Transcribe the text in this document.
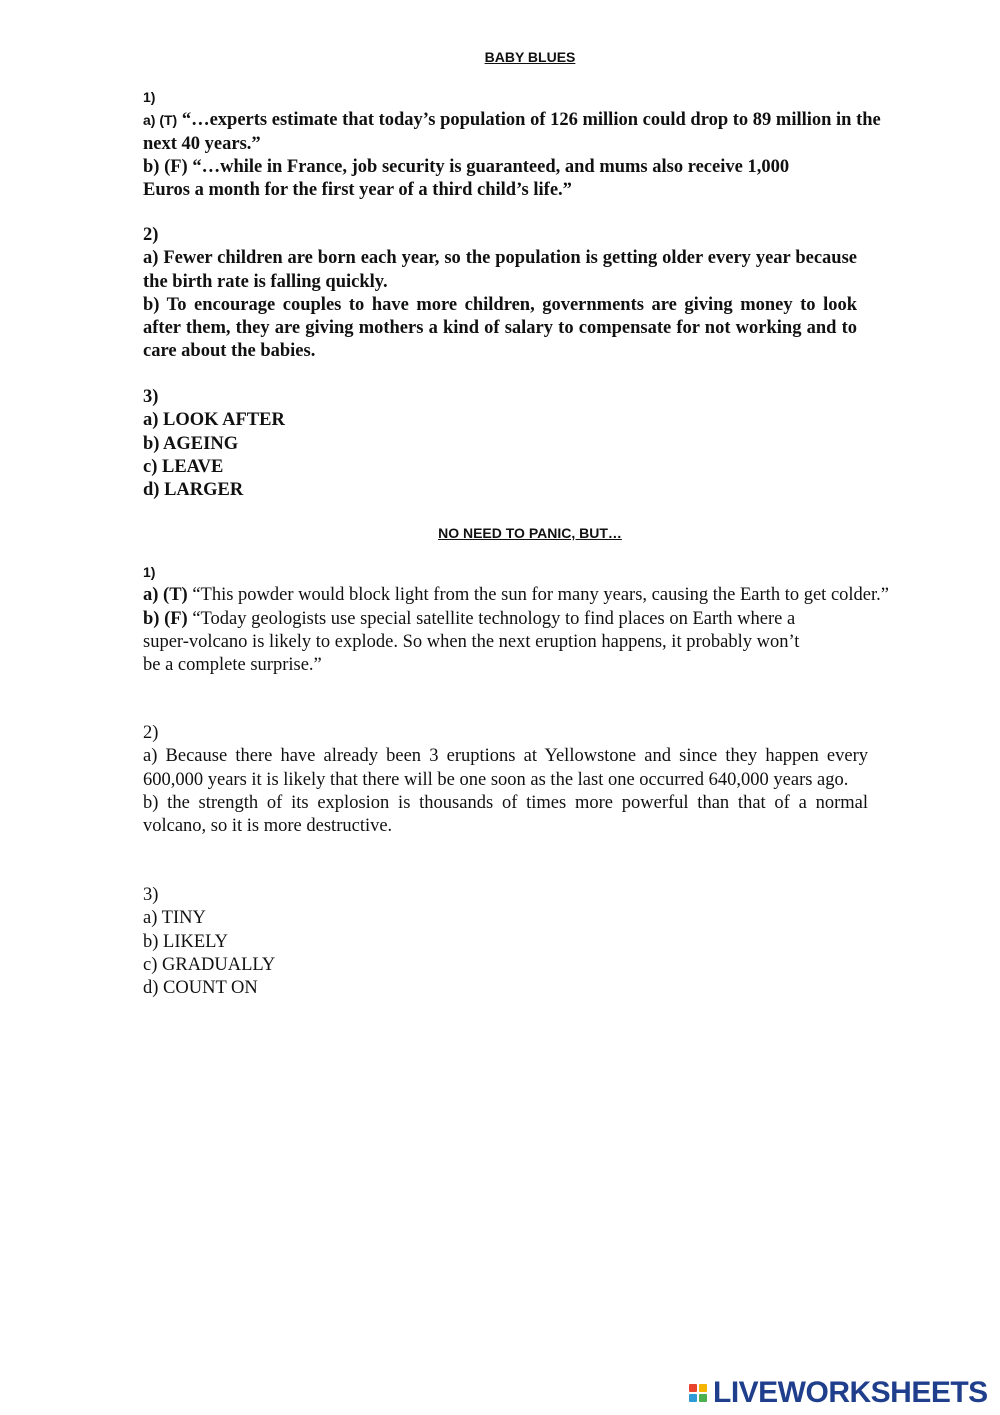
BABY BLUES

1)

a) (T) “…experts estimate that today’s population of 126 million could drop to 89 million in the next 40 years.”

b) (F) “…while in France, job security is guaranteed, and mums also receive 1,000

Euros a month for the first year of a third child’s life.”

2)

a) Fewer children are born each year, so the population is getting older every year because the birth rate is falling quickly.

b) To encourage couples to have more children, governments are giving money to look after them, they are giving mothers a kind of salary to compensate for not working and to care about the babies.

3)

a) LOOK AFTER

b) AGEING

c) LEAVE

d) LARGER

NO NEED TO PANIC, BUT…

1)

a) (T) “This powder would block light from the sun for many years, causing the Earth to get colder.”

b) (F) “Today geologists use special satellite technology to find places on Earth where a

super-volcano is likely to explode. So when the next eruption happens, it probably won’t

be a complete surprise.”

2)

a) Because there have already been 3 eruptions at Yellowstone and since they happen every 600,000 years it is likely that there will be one soon as the last one occurred 640,000 years ago.

b) the strength of its explosion is thousands of times more powerful than that of a normal volcano, so it is more destructive.

3)

a) TINY

b) LIKELY

c) GRADUALLY

d) COUNT ON

LIVEWORKSHEETS
